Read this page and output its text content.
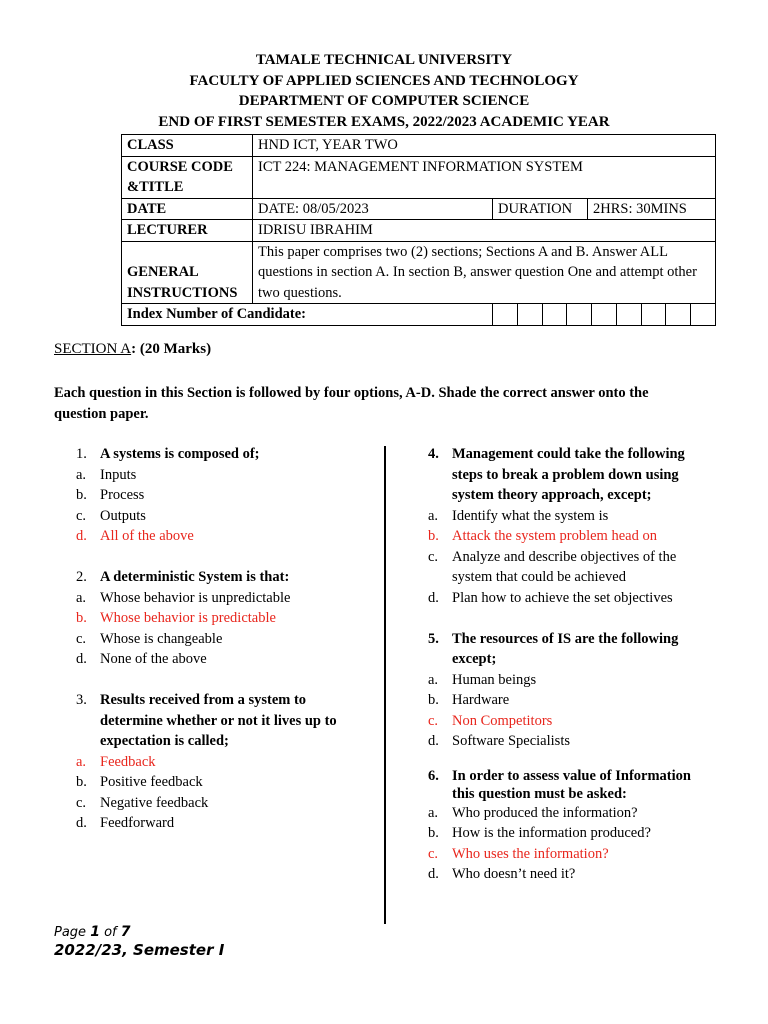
TAMALE TECHNICAL UNIVERSITY
FACULTY OF APPLIED SCIENCES AND TECHNOLOGY
DEPARTMENT OF COMPUTER SCIENCE
END OF FIRST SEMESTER EXAMS, 2022/2023 ACADEMIC YEAR
CLASS	HND ICT, YEAR TWO		
COURSE CODE
&TITLE	ICT 224: MANAGEMENT INFORMATION SYSTEM		
DATE	DATE: 08/05/2023	DURATION	2HRS: 30MINS
LECTURER	IDRISU IBRAHIM		
GENERAL
INSTRUCTIONS	This paper comprises two (2) sections; Sections A and B. Answer ALL questions in section A. In section B, answer question One and attempt other two questions.		

Index Number of Candidate:			

SECTION A: (20 Marks)
Each question in this Section is followed by four options, A-D. Shade the correct answer onto the question paper.
1. A systems is composed of;
a. Inputs
b. Process
c. Outputs
d. All of the above
2. A deterministic System is that:
a. Whose behavior is unpredictable
b. Whose behavior is predictable
c. Whose is changeable
d. None of the above
3. Results received from a system to determine whether or not it lives up to expectation is called;
a. Feedback
b. Positive feedback
c. Negative feedback
d. Feedforward
4. Management could take the following steps to break a problem down using system theory approach, except;
a. Identify what the system is
b. Attack the system problem head on
c. Analyze and describe objectives of the system that could be achieved
d. Plan how to achieve the set objectives
5. The resources of IS are the following except;
a. Human beings
b. Hardware
c. Non Competitors
d. Software Specialists
6. In order to assess value of Information this question must be asked:
a. Who produced the information?
b. How is the information produced?
c. Who uses the information?
d. Who doesn’t need it?
Page 1 of 7
2022/23, Semester I
